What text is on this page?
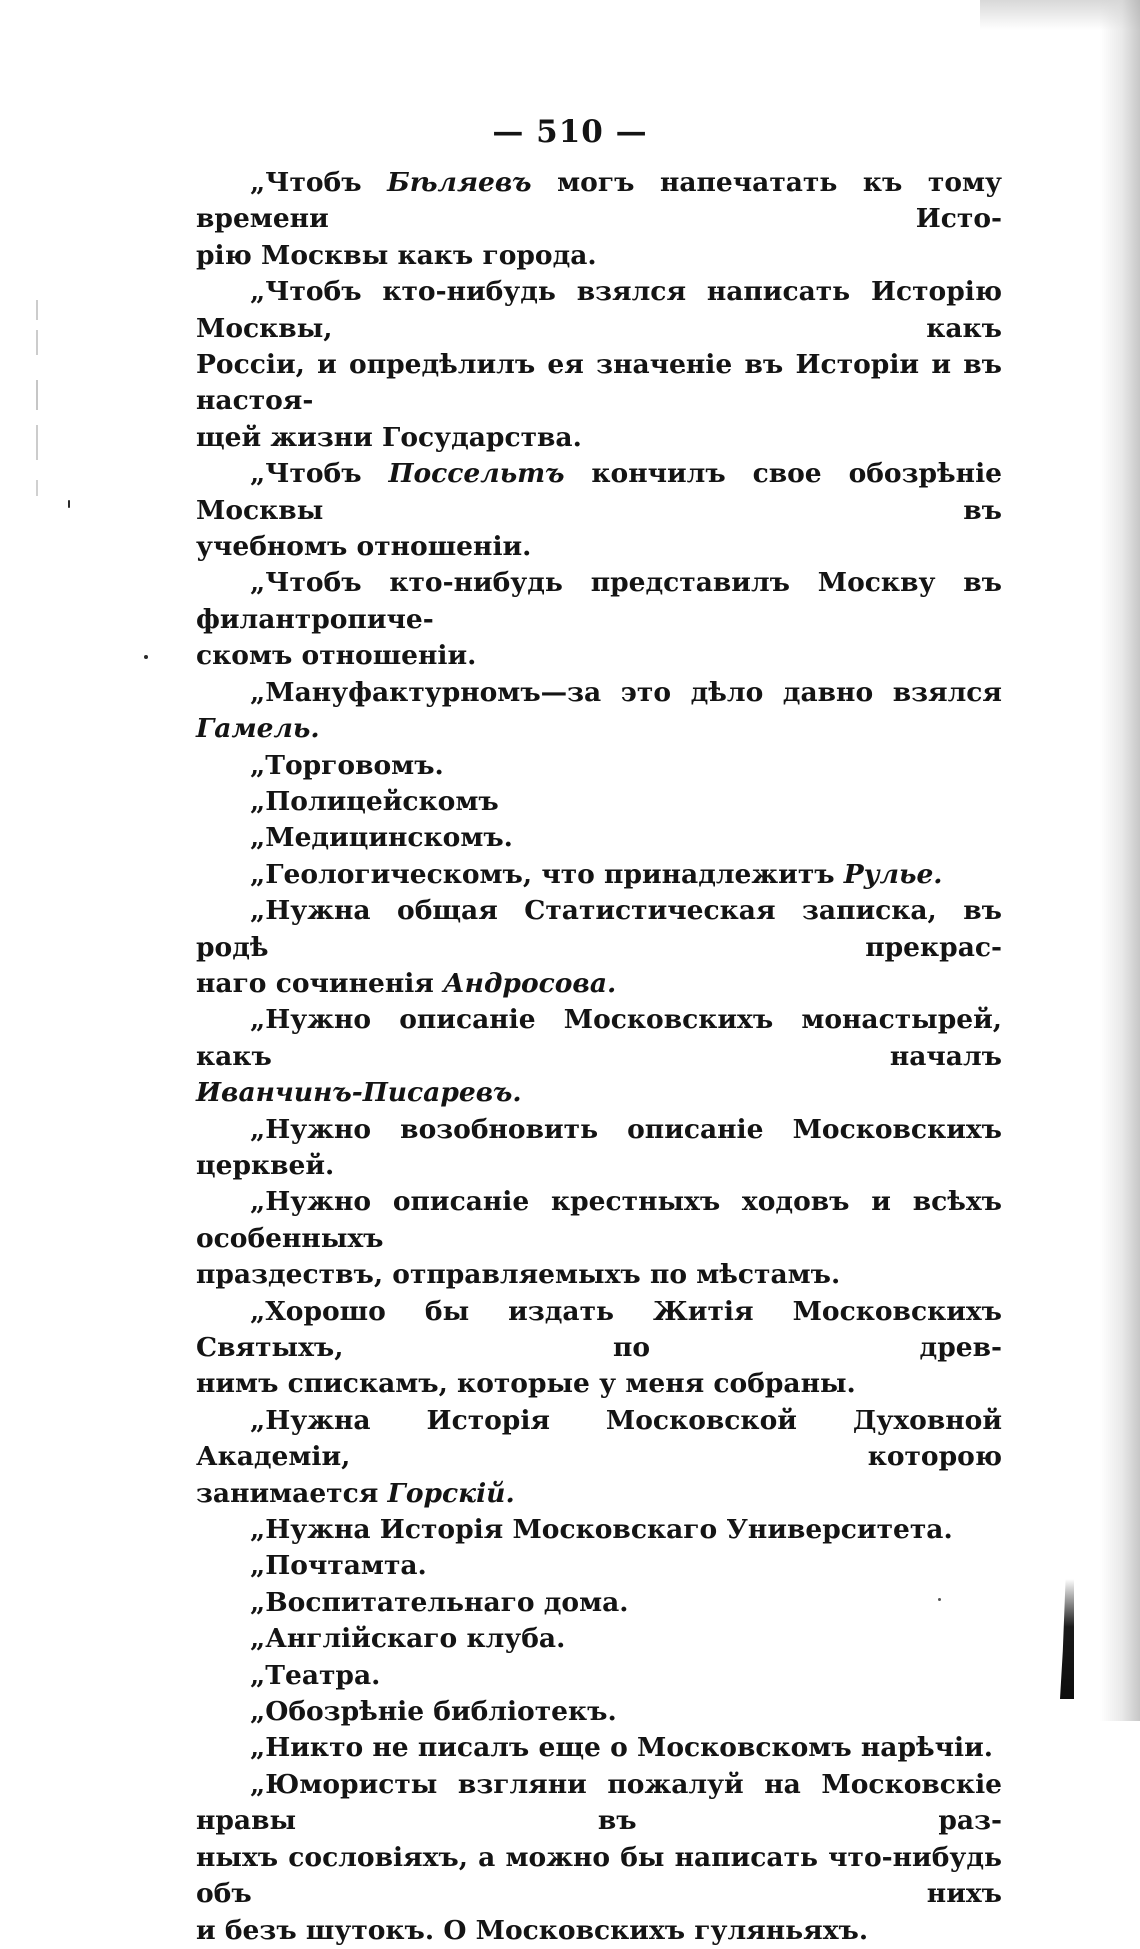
— 510 —
„Чтобъ Бѣляевъ могъ напечатать къ тому времени Исто-
рію Москвы какъ города.
„Чтобъ кто-нибудь взялся написать Исторію Москвы, какъ
Россіи, и опредѣлилъ ея значеніе въ Исторіи и въ настоя-
щей жизни Государства.
„Чтобъ Поссельтъ кончилъ свое обозрѣніе Москвы въ
учебномъ отношеніи.
„Чтобъ кто-нибудь представилъ Москву въ филантропиче-
скомъ отношеніи.
„Мануфактурномъ—за это дѣло давно взялся Гамель.
„Торговомъ.
„Полицейскомъ
„Медицинскомъ.
„Геологическомъ, что принадлежитъ Рулье.
„Нужна общая Статистическая записка, въ родѣ прекрас-
наго сочиненія Андросова.
„Нужно описаніе Московскихъ монастырей, какъ началъ
Иванчинъ-Писаревъ.
„Нужно возобновить описаніе Московскихъ церквей.
„Нужно описаніе крестныхъ ходовъ и всѣхъ особенныхъ
праздествъ, отправляемыхъ по мѣстамъ.
„Хорошо бы издать Житія Московскихъ Святыхъ, по древ-
нимъ спискамъ, которые у меня собраны.
„Нужна Исторія Московской Духовной Академіи, которою
занимается Горскій.
„Нужна Исторія Московскаго Университета.
„Почтамта.
„Воспитательнаго дома.
„Англійскаго клуба.
„Театра.
„Обозрѣніе библіотекъ.
„Никто не писалъ еще о Московскомъ нарѣчіи.
„Юмористы взгляни пожалуй на Московскіе нравы въ раз-
ныхъ сословіяхъ, а можно бы написать что-нибудь объ нихъ
и безъ шутокъ. О Московскихъ гуляньяхъ.
